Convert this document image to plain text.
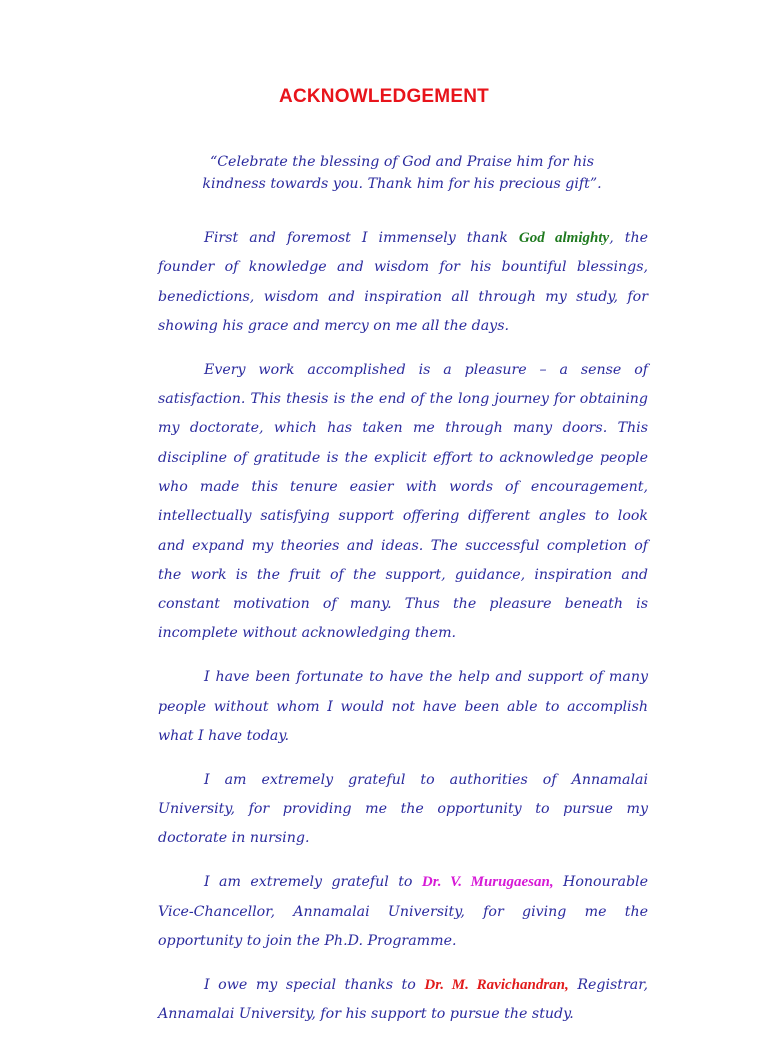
ACKNOWLEDGEMENT
“Celebrate the blessing of God and Praise him for his kindness towards you. Thank him for his precious gift”.

First and foremost I immensely thank God almighty, the founder of knowledge and wisdom for his bountiful blessings, benedictions, wisdom and inspiration all through my study, for showing his grace and mercy on me all the days.

Every work accomplished is a pleasure – a sense of satisfaction. This thesis is the end of the long journey for obtaining my doctorate, which has taken me through many doors. This discipline of gratitude is the explicit effort to acknowledge people who made this tenure easier with words of encouragement, intellectually satisfying support offering different angles to look and expand my theories and ideas. The successful completion of the work is the fruit of the support, guidance, inspiration and constant motivation of many. Thus the pleasure beneath is incomplete without acknowledging them.

I have been fortunate to have the help and support of many people without whom I would not have been able to accomplish what I have today.

I am extremely grateful to authorities of Annamalai University, for providing me the opportunity to pursue my doctorate in nursing.

I am extremely grateful to Dr. V. Murugaesan, Honourable Vice-Chancellor, Annamalai University, for giving me the opportunity to join the Ph.D. Programme.

I owe my special thanks to Dr. M. Ravichandran, Registrar, Annamalai University, for his support to pursue the study.
